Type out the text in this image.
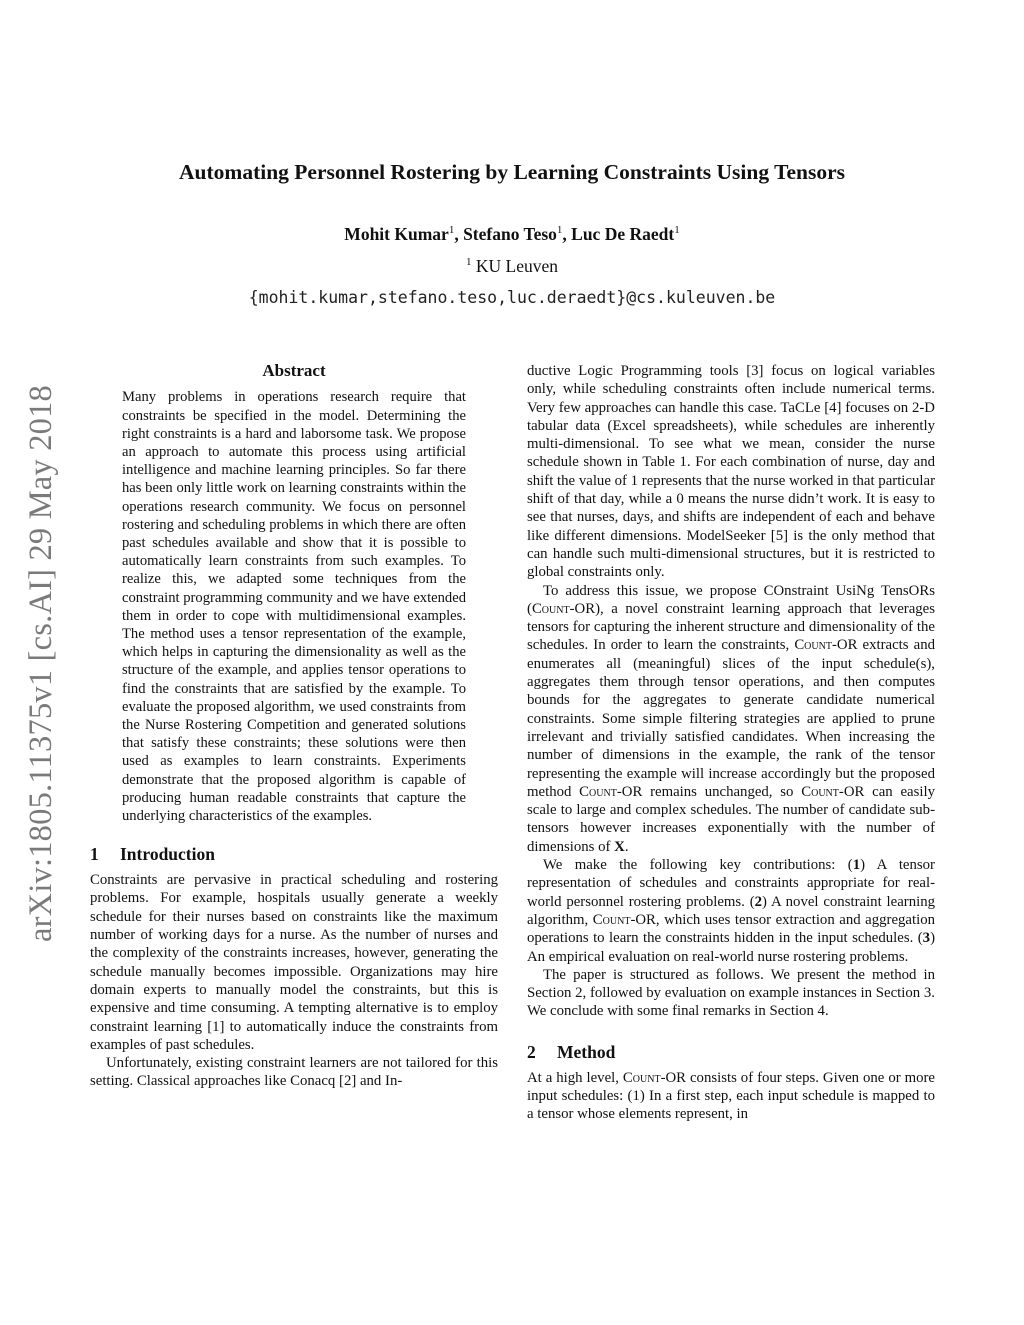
arXiv:1805.11375v1 [cs.AI] 29 May 2018
Automating Personnel Rostering by Learning Constraints Using Tensors
Mohit Kumar$^1$, Stefano Teso$^1$, Luc De Raedt$^1$
$^1$ KU Leuven
{mohit.kumar,stefano.teso,luc.deraedt}@cs.kuleuven.be
Abstract

Many problems in operations research require that constraints be specified in the model. Determining the right constraints is a hard and laborsome task. We propose an approach to automate this process using artificial intelligence and machine learning principles. So far there has been only little work on learning constraints within the operations research community. We focus on personnel rostering and scheduling problems in which there are often past schedules available and show that it is possible to automatically learn constraints from such examples. To realize this, we adapted some techniques from the constraint programming community and we have extended them in order to cope with multidimensional examples. The method uses a tensor representation of the example, which helps in capturing the dimensionality as well as the structure of the example, and applies tensor operations to find the constraints that are satisfied by the example. To evaluate the proposed algorithm, we used constraints from the Nurse Rostering Competition and generated solutions that satisfy these constraints; these solutions were then used as examples to learn constraints. Experiments demonstrate that the proposed algorithm is capable of producing human readable constraints that capture the underlying characteristics of the examples.

1 Introduction

Constraints are pervasive in practical scheduling and rostering problems. For example, hospitals usually generate a weekly schedule for their nurses based on constraints like the maximum number of working days for a nurse. As the number of nurses and the complexity of the constraints increases, however, generating the schedule manually becomes impossible. Organizations may hire domain experts to manually model the constraints, but this is expensive and time consuming. A tempting alternative is to employ constraint learning [1] to automatically induce the constraints from examples of past schedules.

Unfortunately, existing constraint learners are not tailored for this setting. Classical approaches like Conacq [2] and In-

ductive Logic Programming tools [3] focus on logical variables only, while scheduling constraints often include numerical terms. Very few approaches can handle this case. TaCLe [4] focuses on 2-D tabular data (Excel spreadsheets), while schedules are inherently multi-dimensional. To see what we mean, consider the nurse schedule shown in Table 1. For each combination of nurse, day and shift the value of 1 represents that the nurse worked in that particular shift of that day, while a 0 means the nurse didn’t work. It is easy to see that nurses, days, and shifts are independent of each and behave like different dimensions. ModelSeeker [5] is the only method that can handle such multi-dimensional structures, but it is restricted to global constraints only.

To address this issue, we propose COnstraint UsiNg TensORs (Count-OR), a novel constraint learning approach that leverages tensors for capturing the inherent structure and dimensionality of the schedules. In order to learn the constraints, Count-OR extracts and enumerates all (meaningful) slices of the input schedule(s), aggregates them through tensor operations, and then computes bounds for the aggregates to generate candidate numerical constraints. Some simple filtering strategies are applied to prune irrelevant and trivially satisfied candidates. When increasing the number of dimensions in the example, the rank of the tensor representing the example will increase accordingly but the proposed method Count-OR remains unchanged, so Count-OR can easily scale to large and complex schedules. The number of candidate sub-tensors however increases exponentially with the number of dimensions of X.

We make the following key contributions: (1) A tensor representation of schedules and constraints appropriate for real-world personnel rostering problems. (2) A novel constraint learning algorithm, Count-OR, which uses tensor extraction and aggregation operations to learn the constraints hidden in the input schedules. (3) An empirical evaluation on real-world nurse rostering problems.

The paper is structured as follows. We present the method in Section 2, followed by evaluation on example instances in Section 3. We conclude with some final remarks in Section 4.

2 Method

At a high level, Count-OR consists of four steps. Given one or more input schedules: (1) In a first step, each input schedule is mapped to a tensor whose elements represent, in
